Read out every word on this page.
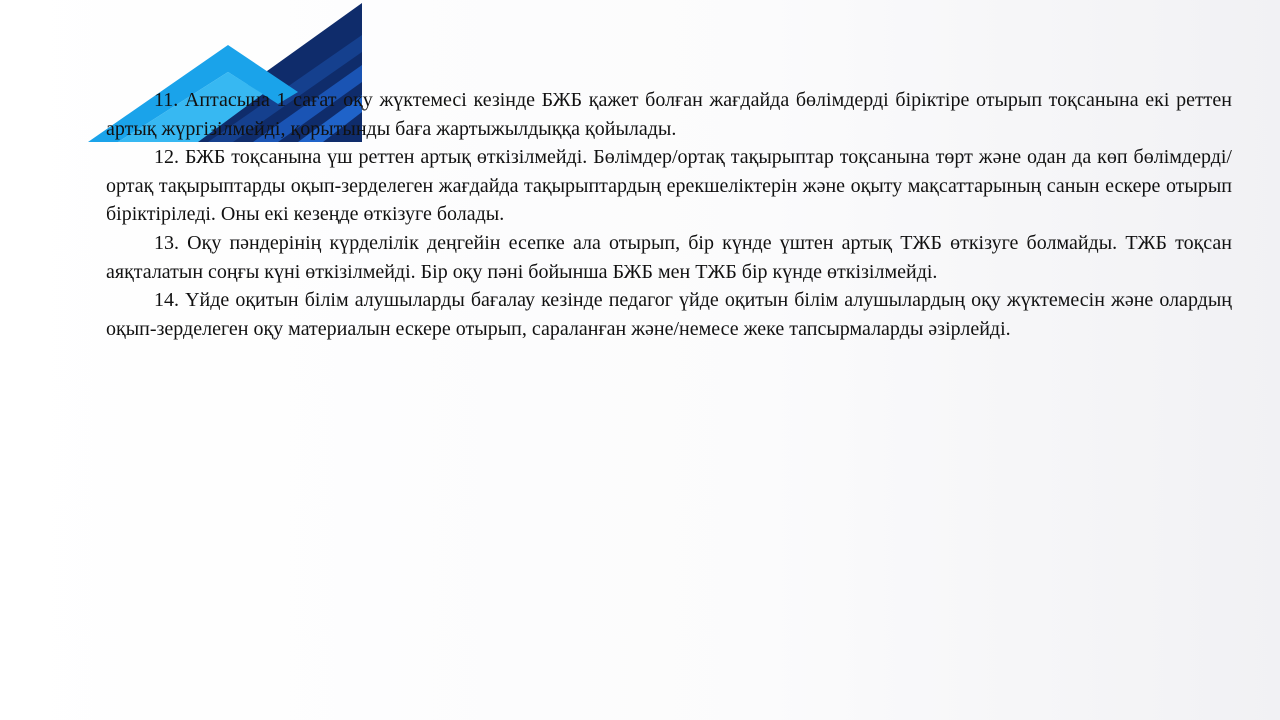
11. Аптасына 1 сағат оқу жүктемесі кезінде БЖБ қажет болған жағдайда бөлімдерді біріктіре отырып тоқсанына екі реттен артық жүргізілмейді, қорытынды баға жартыжылдыққа қойылады.

12. БЖБ тоқсанына үш реттен артық өткізілмейді. Бөлімдер/ортақ тақырыптар тоқсанына төрт және одан да көп бөлімдерді/ортақ тақырыптарды оқып-зерделеген жағдайда тақырыптардың ерекшеліктерін және оқыту мақсаттарының санын ескере отырып біріктіріледі. Оны екі кезеңде өткізуге болады.

13. Оқу пәндерінің күрделілік деңгейін есепке ала отырып, бір күнде үштен артық ТЖБ өткізуге болмайды. ТЖБ тоқсан аяқталатын соңғы күні өткізілмейді. Бір оқу пәні бойынша БЖБ мен ТЖБ бір күнде өткізілмейді.

14. Үйде оқитын білім алушыларды бағалау кезінде педагог үйде оқитын білім алушылардың оқу жүктемесін және олардың оқып-зерделеген оқу материалын ескере отырып, сараланған және/немесе жеке тапсырмаларды әзірлейді.
